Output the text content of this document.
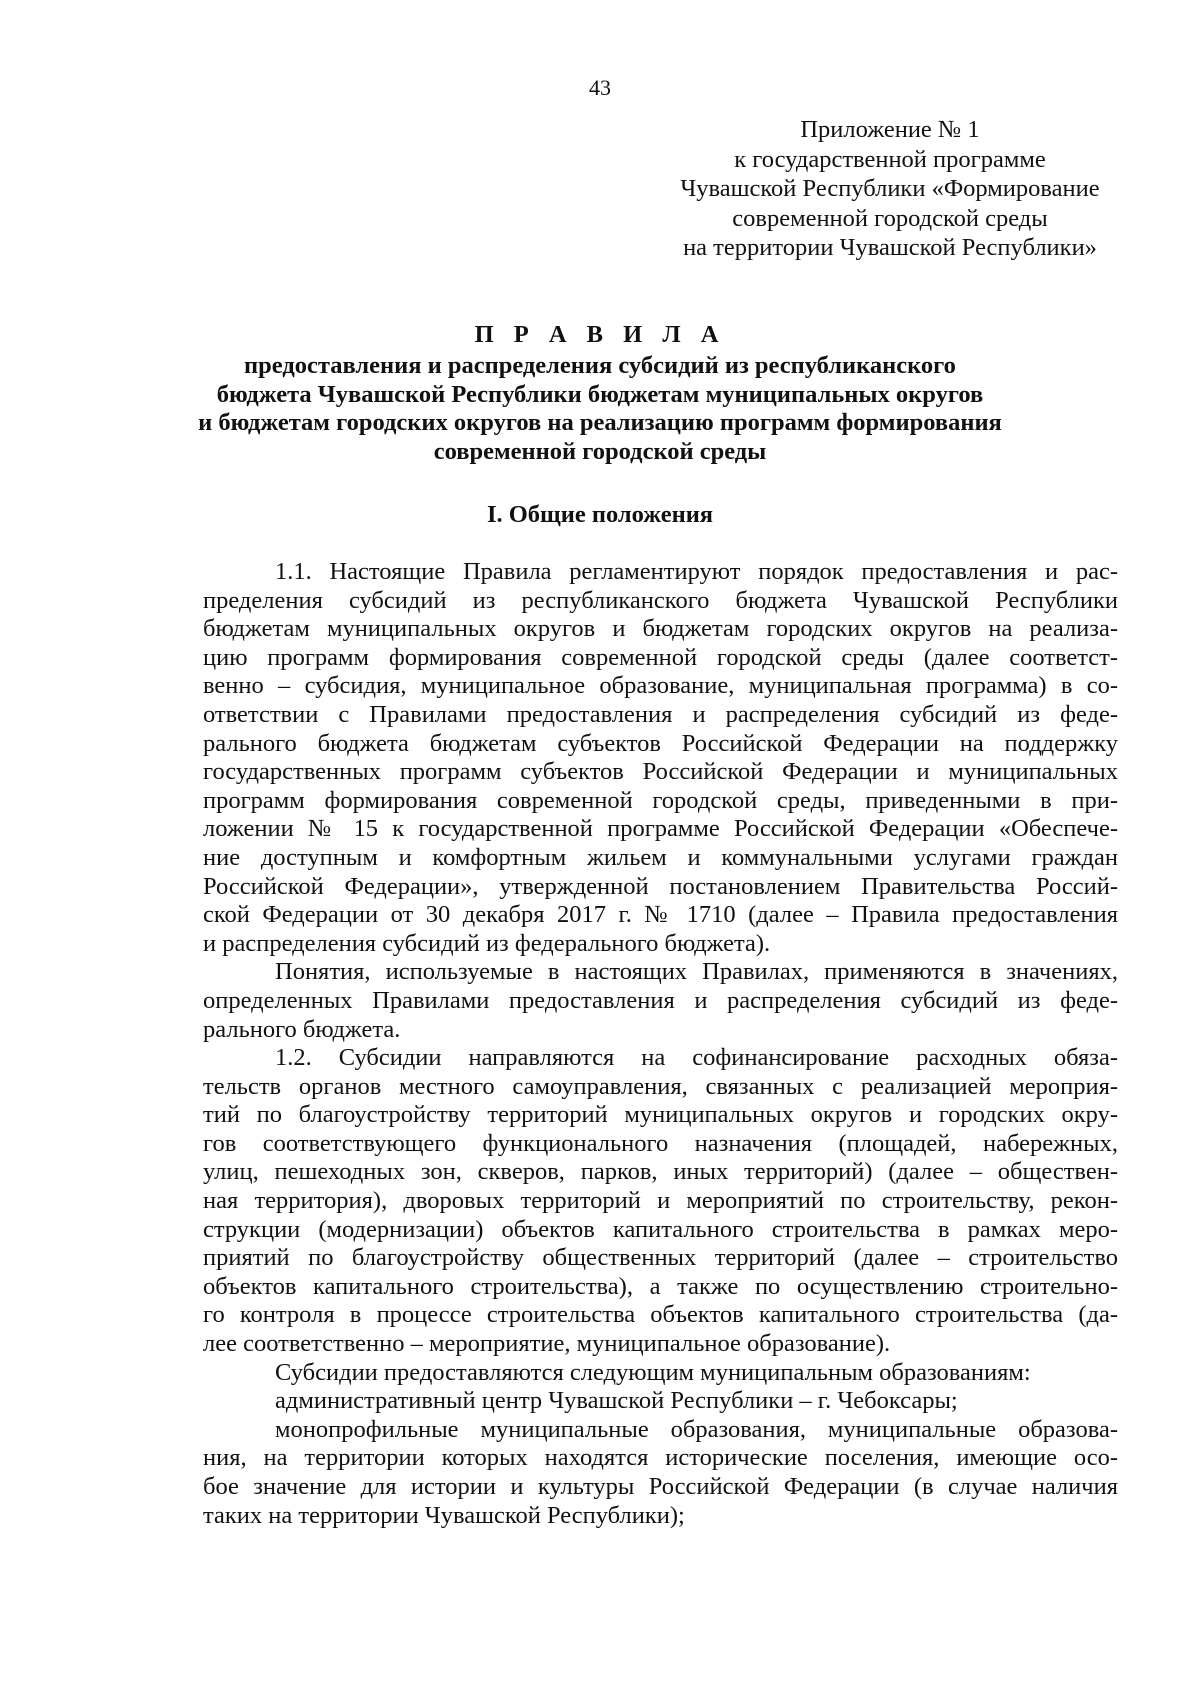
43
Приложение № 1
к государственной программе
Чувашской Республики «Формирование
современной городской среды
на территории Чувашской Республики»
П Р А В И Л А
предоставления и распределения субсидий из республиканского
бюджета Чувашской Республики бюджетам муниципальных округов
и бюджетам городских округов на реализацию программ формирования
современной городской среды
I. Общие положения
1.1. Настоящие Правила регламентируют порядок предоставления и рас-
пределения субсидий из республиканского бюджета Чувашской Республики
бюджетам муниципальных округов и бюджетам городских округов на реализа-
цию программ формирования современной городской среды (далее соответст-
венно – субсидия, муниципальное образование, муниципальная программа) в со-
ответствии с Правилами предоставления и распределения субсидий из феде-
рального бюджета бюджетам субъектов Российской Федерации на поддержку
государственных программ субъектов Российской Федерации и муниципальных
программ формирования современной городской среды, приведенными в при-
ложении № 15 к государственной программе Российской Федерации «Обеспече-
ние доступным и комфортным жильем и коммунальными услугами граждан
Российской Федерации», утвержденной постановлением Правительства Россий-
ской Федерации от 30 декабря 2017 г. № 1710 (далее – Правила предоставления
и распределения субсидий из федерального бюджета).
Понятия, используемые в настоящих Правилах, применяются в значениях,
определенных Правилами предоставления и распределения субсидий из феде-
рального бюджета.
1.2. Субсидии направляются на софинансирование расходных обяза-
тельств органов местного самоуправления, связанных с реализацией мероприя-
тий по благоустройству территорий муниципальных округов и городских окру-
гов соответствующего функционального назначения (площадей, набережных,
улиц, пешеходных зон, скверов, парков, иных территорий) (далее – обществен-
ная территория), дворовых территорий и мероприятий по строительству, рекон-
струкции (модернизации) объектов капитального строительства в рамках меро-
приятий по благоустройству общественных территорий (далее – строительство
объектов капитального строительства), а также по осуществлению строительно-
го контроля в процессе строительства объектов капитального строительства (да-
лее соответственно – мероприятие, муниципальное образование).
Субсидии предоставляются следующим муниципальным образованиям:
административный центр Чувашской Республики – г. Чебоксары;
монопрофильные муниципальные образования, муниципальные образова-
ния, на территории которых находятся исторические поселения, имеющие осо-
бое значение для истории и культуры Российской Федерации (в случае наличия
таких на территории Чувашской Республики);
